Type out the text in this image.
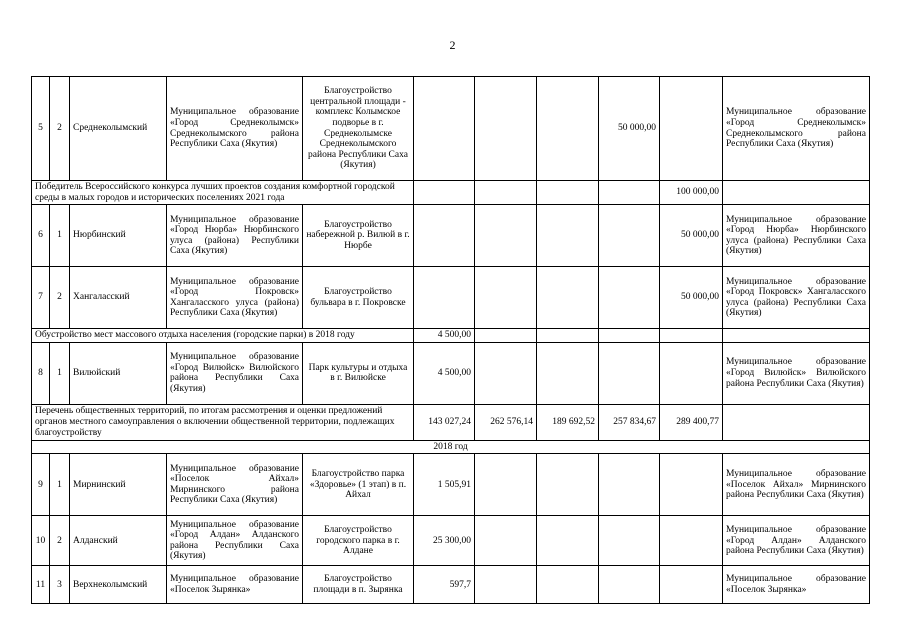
2
5	2	Среднеколымский	Муниципальное образование «Город Среднеколымск» Среднеколымского района Республики Саха (Якутия)	Благоустройство центральной площади - комплекс Колымское подворье в г. Среднеколымске Среднеколымского района Республики Саха (Якутия)				50 000,00		Муниципальное образование «Город Среднеколымск» Среднеколымского района Республики Саха (Якутия)
Победитель Всероссийского конкурса лучших проектов создания комфортной городской среды в малых городов и исторических поселениях 2021 года									100 000,00	
6	1	Нюрбинский	Муниципальное образование «Город Нюрба» Нюрбинского улуса (района) Республики Саха (Якутия)	Благоустройство набережной р. Вилюй в г. Нюрбе					50 000,00	Муниципальное образование «Город Нюрба» Нюрбинского улуса (района) Республики Саха (Якутия)
7	2	Хангаласский	Муниципальное образование «Город Покровск» Хангаласского улуса (района) Республики Саха (Якутия)	Благоустройство бульвара в г. Покровске					50 000,00	Муниципальное образование «Город Покровск» Хангаласского улуса (района) Республики Саха (Якутия)
Обустройство мест массового отдыха населения (городские парки) в 2018 году					4 500,00					
8	1	Вилюйский	Муниципальное образование «Город Вилюйск» Вилюйского района Республики Саха (Якутия)	Парк культуры и отдыха в г. Вилюйске	4 500,00					Муниципальное образование «Город Вилюйск» Вилюйского района Республики Саха (Якутия)
Перечень общественных территорий, по итогам рассмотрения и оценки предложений органов местного самоуправления о включении общественной территории, подлежащих благоустройству					143 027,24	262 576,14	189 692,52	257 834,67	289 400,77	
2018 год										
9	1	Мирнинский	Муниципальное образование «Поселок Айхал» Мирнинского района Республики Саха (Якутия)	Благоустройство парка «Здоровье» (1 этап) в п. Айхал	1 505,91					Муниципальное образование «Поселок Айхал» Мирнинского района Республики Саха (Якутия)
10	2	Алданский	Муниципальное образование «Город Алдан» Алданского района Республики Саха (Якутия)	Благоустройство городского парка в г. Алдане	25 300,00					Муниципальное образование «Город Алдан» Алданского района Республики Саха (Якутия)
11	3	Верхнеколымский	Муниципальное образование «Поселок Зырянка»	Благоустройство площади в п. Зырянка	597,7					Муниципальное образование «Поселок Зырянка»
